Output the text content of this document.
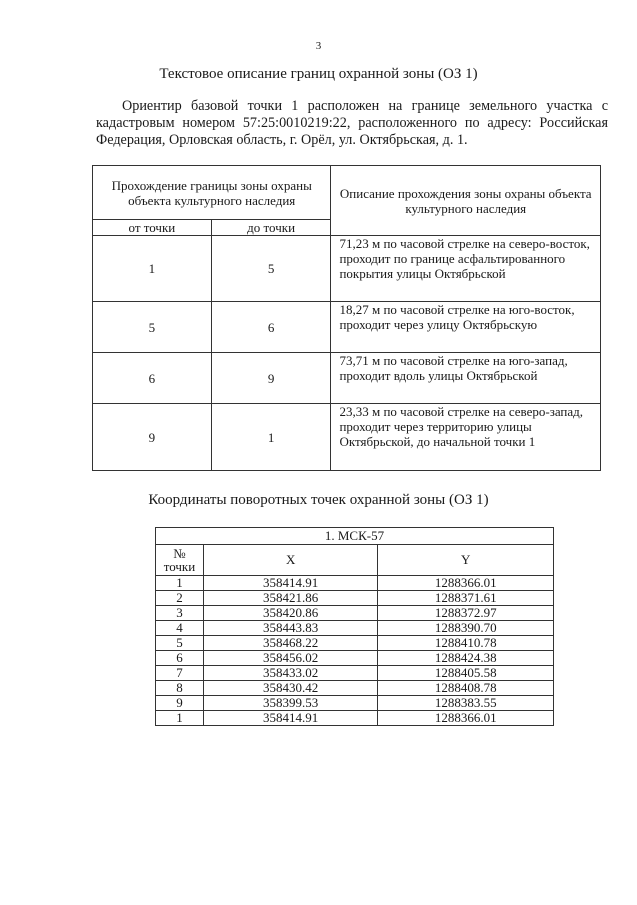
3
Текстовое описание границ охранной зоны (ОЗ 1)
Ориентир базовой точки 1 расположен на границе земельного участка с кадастровым номером 57:25:0010219:22, расположенного по адресу: Российская Федерация, Орловская область, г. Орёл, ул. Октябрьская, д. 1.
Прохождение границы зоны охраны объекта культурного наследия		Описание прохождения зоны охраны объекта культурного наследия
от точки	до точки	
1	5	71,23 м по часовой стрелке на северо-восток, проходит по границе асфальтированного покрытия улицы Октябрьской
5	6	18,27 м по часовой стрелке на юго-восток, проходит через улицу Октябрьскую
6	9	73,71 м по часовой стрелке на юго-запад, проходит вдоль улицы Октябрьской
9	1	23,33 м по часовой стрелке на северо-запад, проходит через территорию улицы Октябрьской, до начальной точки 1
Координаты поворотных точек охранной зоны (ОЗ 1)
1. МСК-57		
№ точки	X	Y
1	358414.91	1288366.01
2	358421.86	1288371.61
3	358420.86	1288372.97
4	358443.83	1288390.70
5	358468.22	1288410.78
6	358456.02	1288424.38
7	358433.02	1288405.58
8	358430.42	1288408.78
9	358399.53	1288383.55
1	358414.91	1288366.01
